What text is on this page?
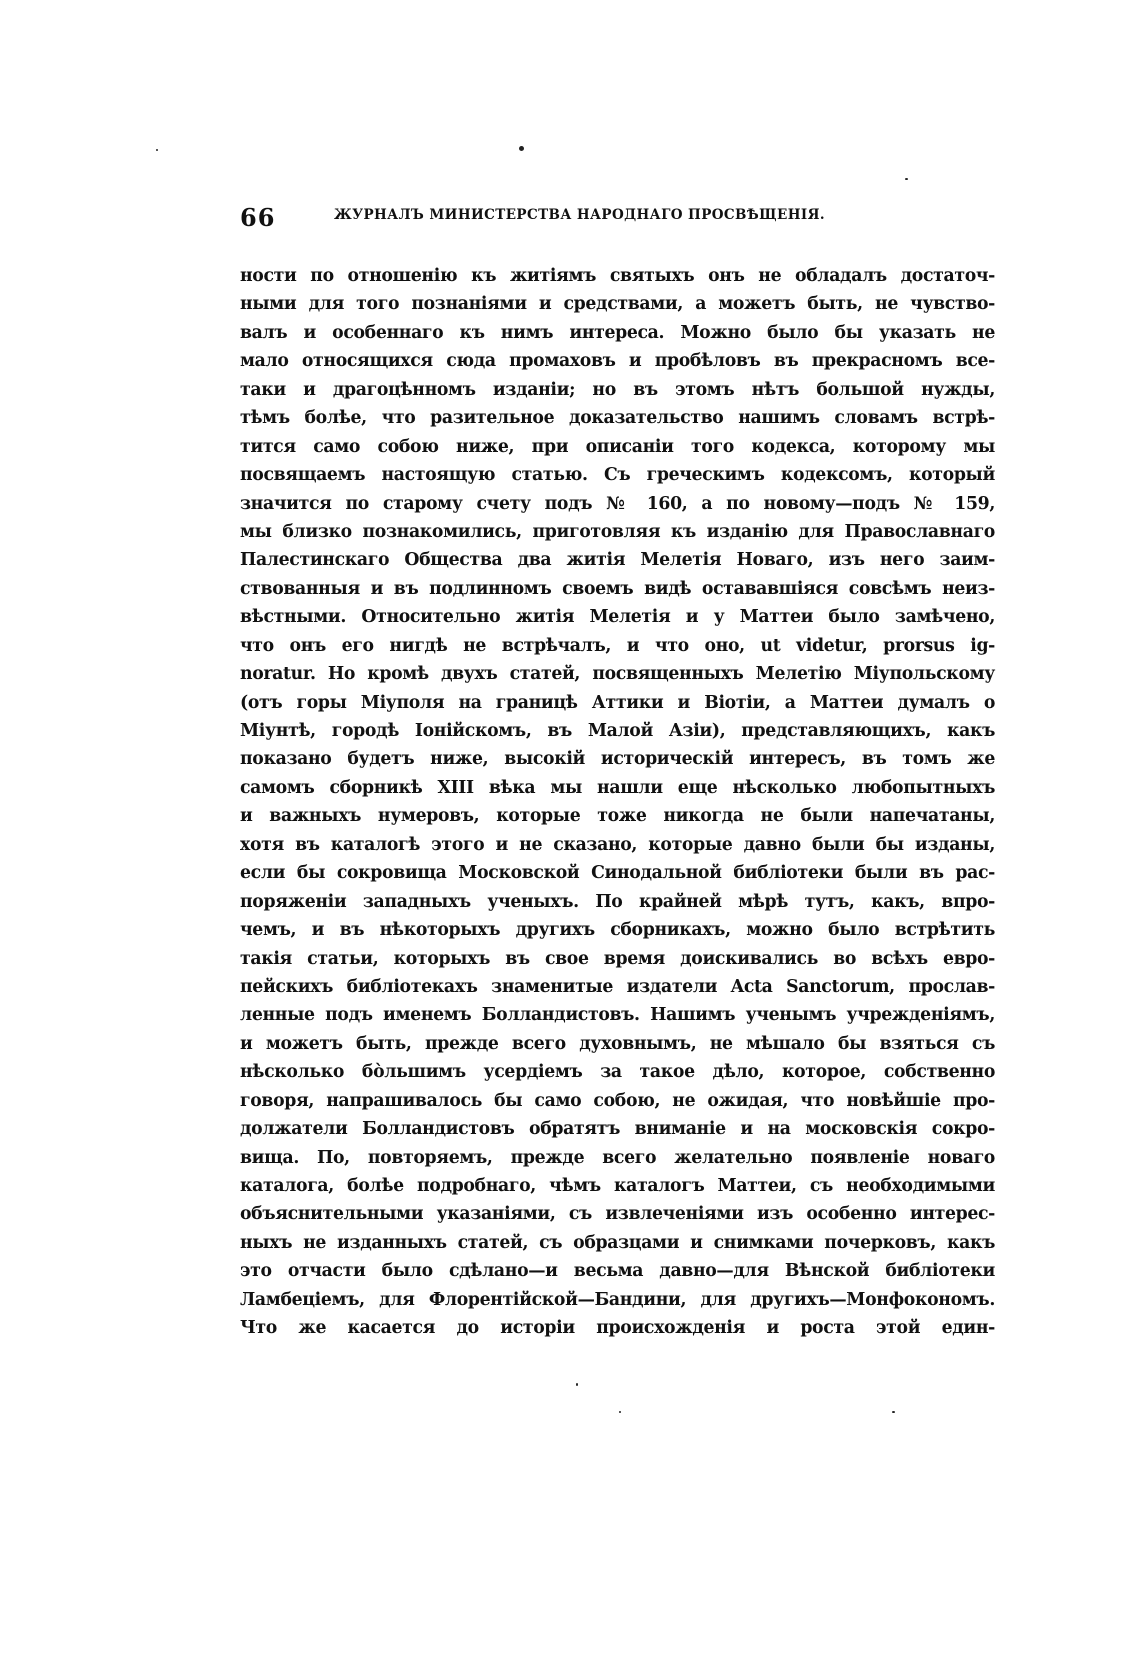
66	ЖУРНАЛЪ МИНИСТЕРСТВА НАРОДНАГО ПРОСВѢЩЕНІЯ.
ности по отношенію къ житіямъ святыхъ онъ не обладалъ достаточ-
ными для того познаніями и средствами, а можетъ быть, не чувство-
валъ и особеннаго къ нимъ интереса. Можно было бы указать не
мало относящихся сюда промаховъ и пробѣловъ въ прекрасномъ все-
таки и драгоцѣнномъ изданіи; но въ этомъ нѣтъ большой нужды,
тѣмъ болѣе, что разительное доказательство нашимъ словамъ встрѣ-
тится само собою ниже, при описаніи того кодекса, которому мы
посвящаемъ настоящую статью. Съ греческимъ кодексомъ, который
значится по старому счету подъ № 160, а по новому—подъ № 159,
мы близко познакомились, приготовляя къ изданію для Православнаго
Палестинскаго Общества два житія Мелетія Новаго, изъ него заим-
ствованныя и въ подлинномъ своемъ видѣ остававшіяся совсѣмъ неиз-
вѣстными. Относительно житія Мелетія и у Маттеи было замѣчено,
что онъ его нигдѣ не встрѣчалъ, и что оно, ut videtur, prorsus ig-
noratur. Но кромѣ двухъ статей, посвященныхъ Мелетію Міупольскому
(отъ горы Міуполя на границѣ Аттики и Віотіи, а Маттеи думалъ о
Міунтѣ, городѣ Іонійскомъ, въ Малой Азіи), представляющихъ, какъ
показано будетъ ниже, высокій историческій интересъ, въ томъ же
самомъ сборникѣ XIII вѣка мы нашли еще нѣсколько любопытныхъ
и важныхъ нумеровъ, которые тоже никогда не были напечатаны,
хотя въ каталогѣ этого и не сказано, которые давно были бы изданы,
если бы сокровища Московской Синодальной библіотеки были въ рас-
поряженіи западныхъ ученыхъ. По крайней мѣрѣ тутъ, какъ, впро-
чемъ, и въ нѣкоторыхъ другихъ сборникахъ, можно было встрѣтить
такія статьи, которыхъ въ свое время доискивались во всѣхъ евро-
пейскихъ библіотекахъ знаменитые издатели Acta Sanctorum, прослав-
ленные подъ именемъ Болландистовъ. Нашимъ ученымъ учрежденіямъ,
и можетъ быть, прежде всего духовнымъ, не мѣшало бы взяться съ
нѣсколько бо̀льшимъ усердіемъ за такое дѣло, которое, собственно
говоря, напрашивалось бы само собою, не ожидая, что новѣйшіе про-
должатели Болландистовъ обратятъ вниманіе и на московскія сокро-
вища. По, повторяемъ, прежде всего желательно появленіе новаго
каталога, болѣе подробнаго, чѣмъ каталогъ Маттеи, съ необходимыми
объяснительными указаніями, съ извлеченіями изъ особенно интерес-
ныхъ не изданныхъ статей, съ образцами и снимками почерковъ, какъ
это отчасти было сдѣлано—и весьма давно—для Вѣнской библіотеки
Ламбеціемъ, для Флорентійской—Бандини, для другихъ—Монфокономъ.
Что же касается до исторіи происхожденія и роста этой един-
